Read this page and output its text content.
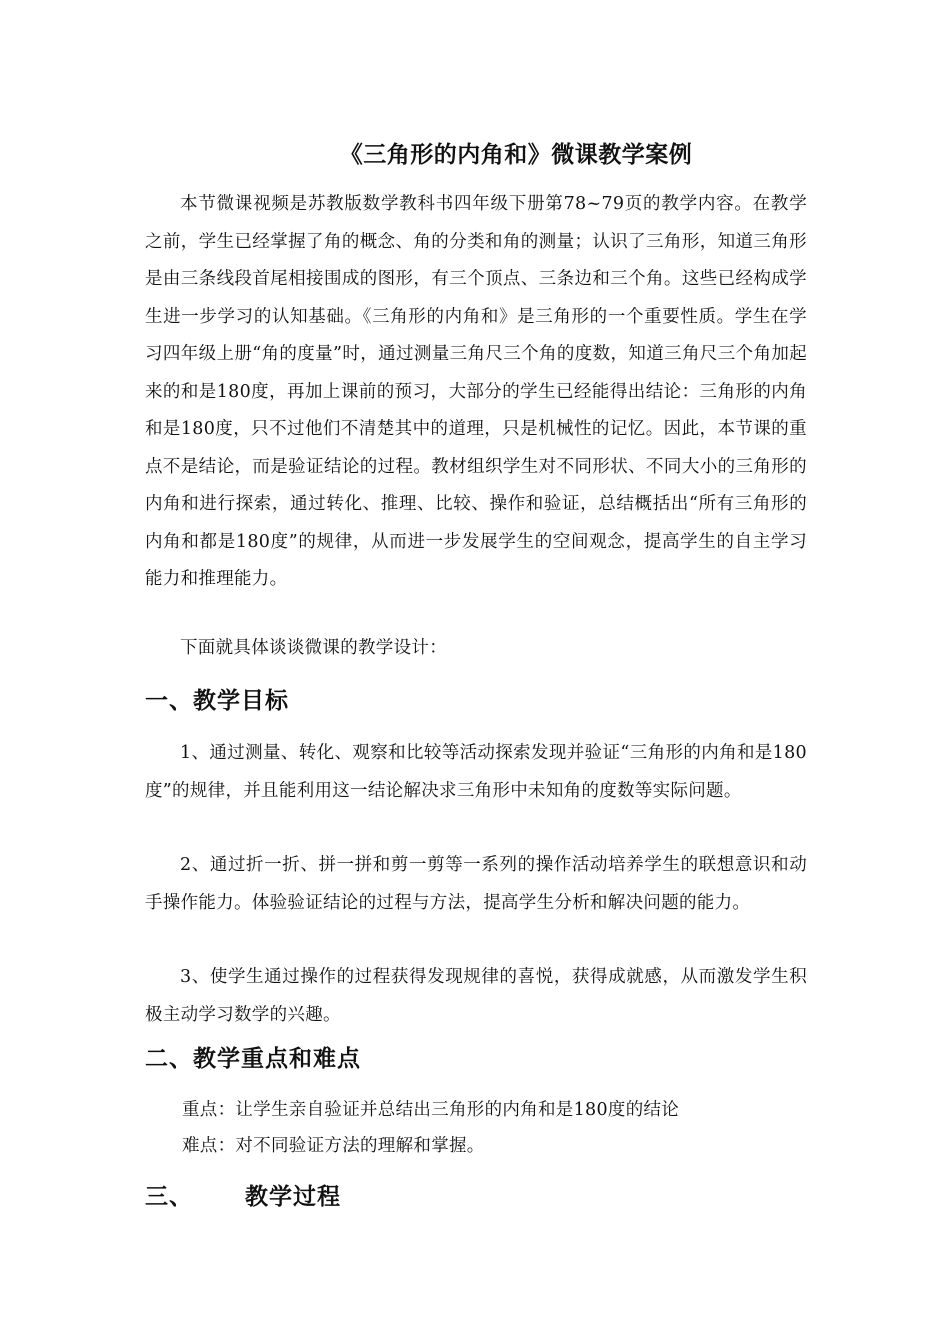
《三角形的内角和》微课教学案例

本节微课视频是苏教版数学教科书四年级下册第78~79页的教学内容。在教学之前，学生已经掌握了角的概念、角的分类和角的测量；认识了三角形，知道三角形是由三条线段首尾相接围成的图形，有三个顶点、三条边和三个角。这些已经构成学生进一步学习的认知基础。《三角形的内角和》是三角形的一个重要性质。学生在学习四年级上册“角的度量”时，通过测量三角尺三个角的度数，知道三角尺三个角加起来的和是180度，再加上课前的预习，大部分的学生已经能得出结论：三角形的内角和是180度，只不过他们不清楚其中的道理，只是机械性的记忆。因此，本节课的重点不是结论，而是验证结论的过程。教材组织学生对不同形状、不同大小的三角形的内角和进行探索，通过转化、推理、比较、操作和验证，总结概括出“所有三角形的内角和都是180度”的规律，从而进一步发展学生的空间观念，提高学生的自主学习能力和推理能力。

下面就具体谈谈微课的教学设计：

一、教学目标

1、通过测量、转化、观察和比较等活动探索发现并验证“三角形的内角和是180度”的规律，并且能利用这一结论解决求三角形中未知角的度数等实际问题。

2、通过折一折、拼一拼和剪一剪等一系列的操作活动培养学生的联想意识和动手操作能力。体验验证结论的过程与方法，提高学生分析和解决问题的能力。

3、使学生通过操作的过程获得发现规律的喜悦，获得成就感，从而激发学生积极主动学习数学的兴趣。

二、教学重点和难点
重点：让学生亲自验证并总结出三角形的内角和是180度的结论
难点：对不同验证方法的理解和掌握。
三、 教学过程
